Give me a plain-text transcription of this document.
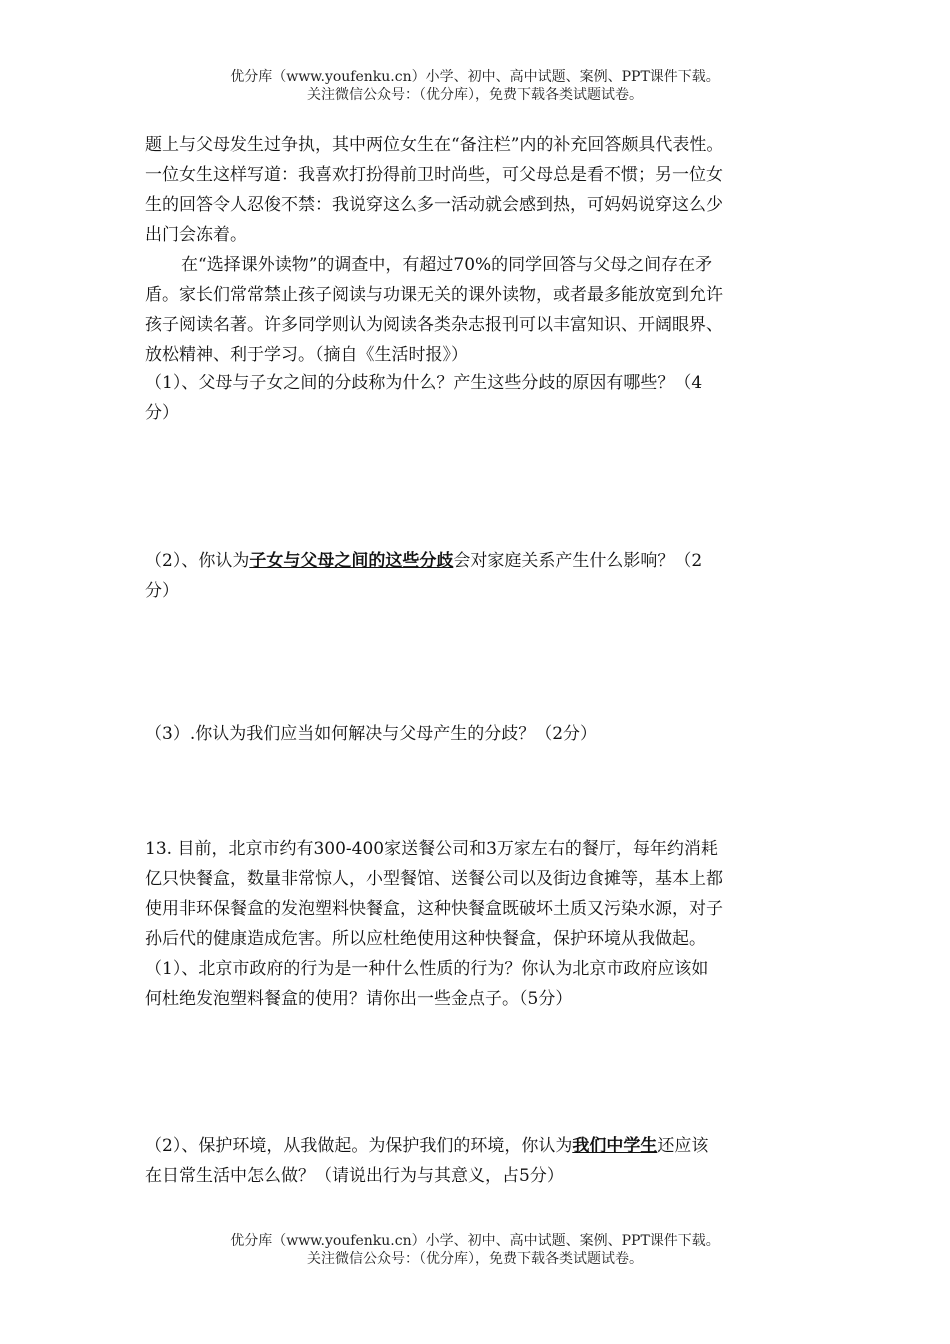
优分库（www.youfenku.cn）小学、初中、高中试题、案例、PPT课件下载。
关注微信公众号：（优分库），免费下载各类试题试卷。
题上与父母发生过争执，其中两位女生在“备注栏”内的补充回答颇具代表性。
一位女生这样写道：我喜欢打扮得前卫时尚些，可父母总是看不惯；另一位女
生的回答令人忍俊不禁：我说穿这么多一活动就会感到热，可妈妈说穿这么少
出门会冻着。
在“选择课外读物”的调查中，有超过70%的同学回答与父母之间存在矛
盾。家长们常常禁止孩子阅读与功课无关的课外读物，或者最多能放宽到允许
孩子阅读名著。许多同学则认为阅读各类杂志报刊可以丰富知识、开阔眼界、
放松精神、利于学习。（摘自《生活时报》）
（1）、父母与子女之间的分歧称为什么？产生这些分歧的原因有哪些？（4
分）
（2）、你认为子女与父母之间的这些分歧会对家庭关系产生什么影响？（2
分）
（3）.你认为我们应当如何解决与父母产生的分歧？（2分）
13. 目前，北京市约有300-400家送餐公司和3万家左右的餐厅，每年约消耗
亿只快餐盒，数量非常惊人，小型餐馆、送餐公司以及街边食摊等，基本上都
使用非环保餐盒的发泡塑料快餐盒，这种快餐盒既破坏土质又污染水源，对子
孙后代的健康造成危害。所以应杜绝使用这种快餐盒，保护环境从我做起。
（1）、北京市政府的行为是一种什么性质的行为？你认为北京市政府应该如
何杜绝发泡塑料餐盒的使用？请你出一些金点子。（5分）
（2）、保护环境，从我做起。为保护我们的环境，你认为我们中学生还应该
在日常生活中怎么做？（请说出行为与其意义，占5分）
优分库（www.youfenku.cn）小学、初中、高中试题、案例、PPT课件下载。
关注微信公众号：（优分库），免费下载各类试题试卷。
